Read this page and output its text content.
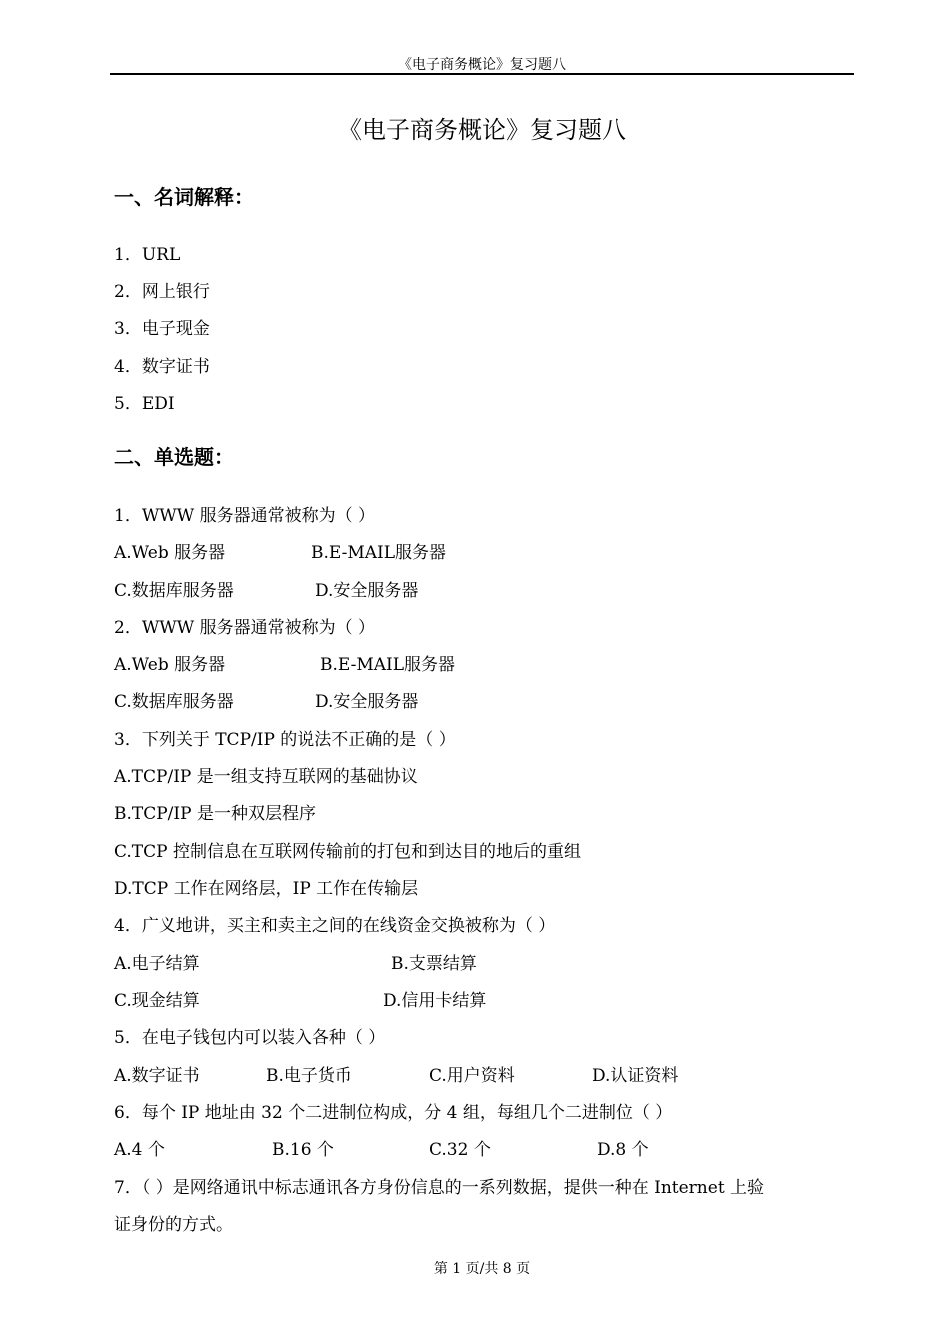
《电子商务概论》复习题八
《电子商务概论》复习题八
一、名词解释：
1．URL
2．网上银行
3．电子现金
4．数字证书
5．EDI
二、单选题：
1．WWW 服务器通常被称为（ ）
A.Web 服务器	B.E-MAIL服务器
C.数据库服务器	D.安全服务器
2．WWW 服务器通常被称为（ ）
A.Web 服务器	B.E-MAIL服务器
C.数据库服务器	D.安全服务器
3．下列关于 TCP/IP 的说法不正确的是（ ）
A.TCP/IP 是一组支持互联网的基础协议
B.TCP/IP 是一种双层程序
C.TCP 控制信息在互联网传输前的打包和到达目的地后的重组
D.TCP 工作在网络层，IP 工作在传输层
4．广义地讲，买主和卖主之间的在线资金交换被称为（ ）
A.电子结算	B.支票结算
C.现金结算	D.信用卡结算
5．在电子钱包内可以装入各种（ ）
A.数字证书	B.电子货币	C.用户资料	D.认证资料
6．每个 IP 地址由 32 个二进制位构成，分 4 组，每组几个二进制位（ ）
A.4 个	B.16 个	C.32 个	D.8 个
7．（ ）是网络通讯中标志通讯各方身份信息的一系列数据，提供一种在 Internet 上验
证身份的方式。
第 1 页/共 8 页
